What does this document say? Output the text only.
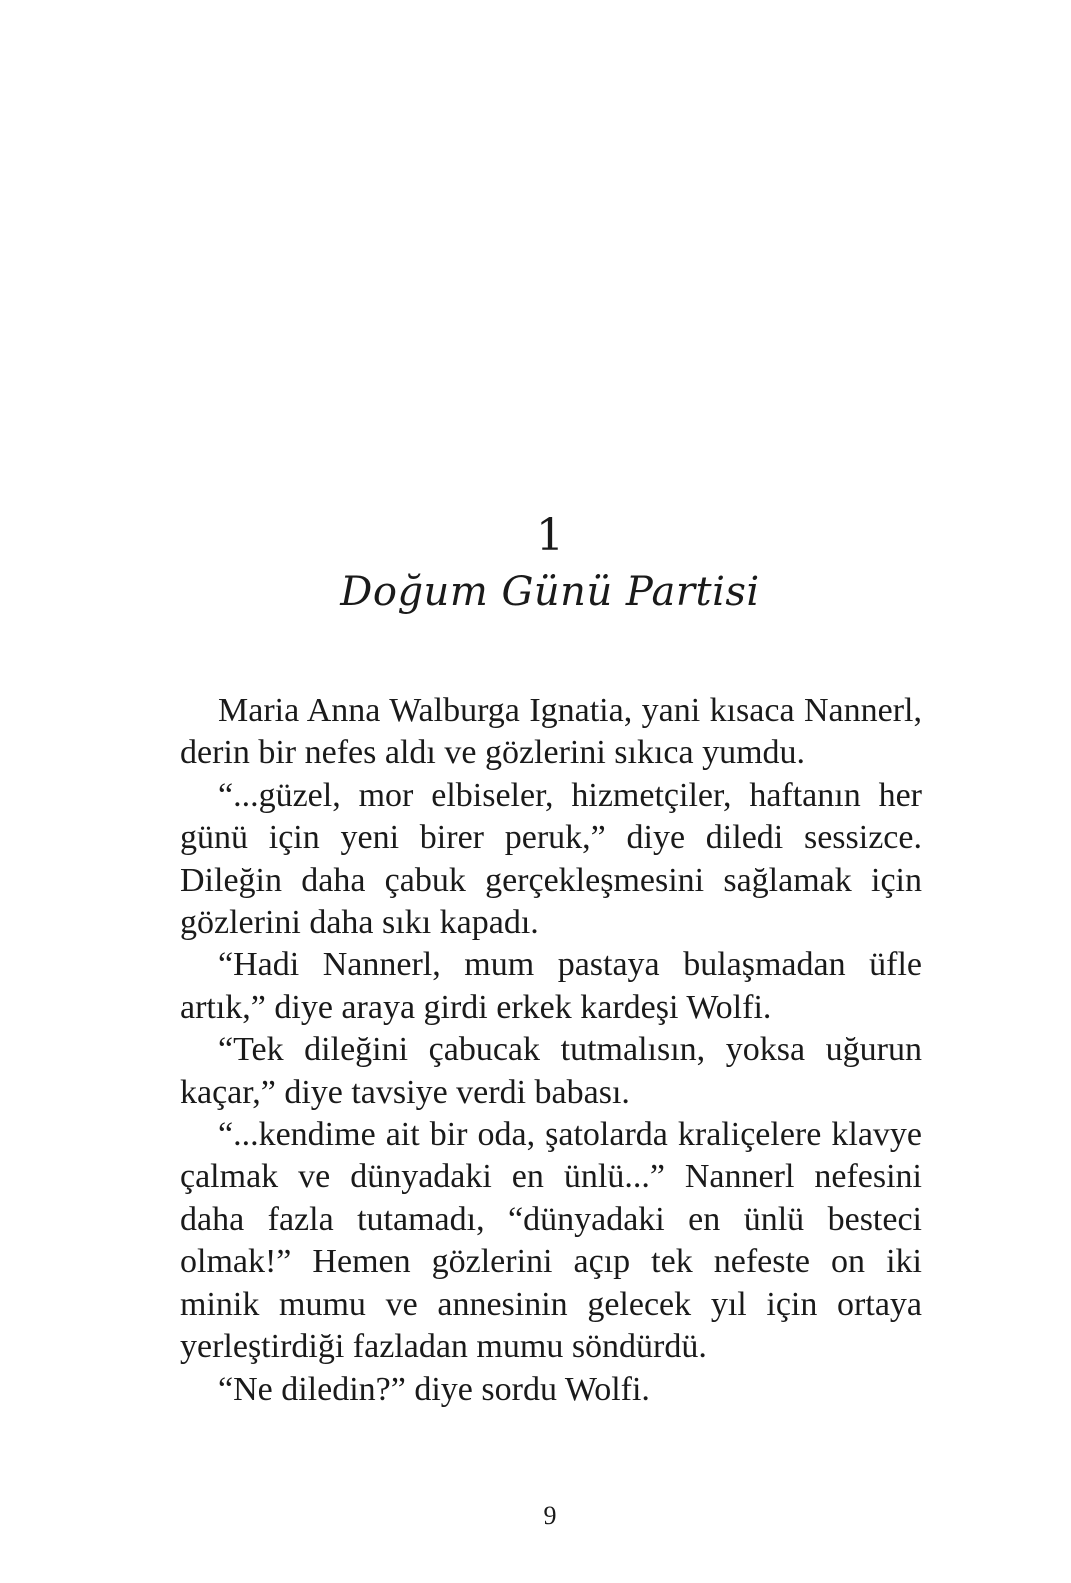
1
Doğum Günü Partisi

Maria Anna Walburga Ignatia, yani kısaca Nannerl, derin bir nefes aldı ve gözlerini sıkıca yumdu.

“...güzel, mor elbiseler, hizmetçiler, haftanın her günü için yeni birer peruk,” diye diledi sessizce. Dileğin daha çabuk gerçekleşmesini sağlamak için gözlerini daha sıkı kapadı.

“Hadi Nannerl, mum pastaya bulaşmadan üfle artık,” diye araya girdi erkek kardeşi Wolfi.

“Tek dileğini çabucak tutmalısın, yoksa uğurun kaçar,” diye tavsiye verdi babası.

“...kendime ait bir oda, şatolarda kraliçelere klavye çalmak ve dünyadaki en ünlü...” Nannerl nefesini daha fazla tutamadı, “dünyadaki en ünlü besteci olmak!” Hemen gözlerini açıp tek nefeste on iki minik mumu ve annesinin gelecek yıl için ortaya yerleştirdiği fazladan mumu söndürdü.

“Ne diledin?” diye sordu Wolfi.

9
